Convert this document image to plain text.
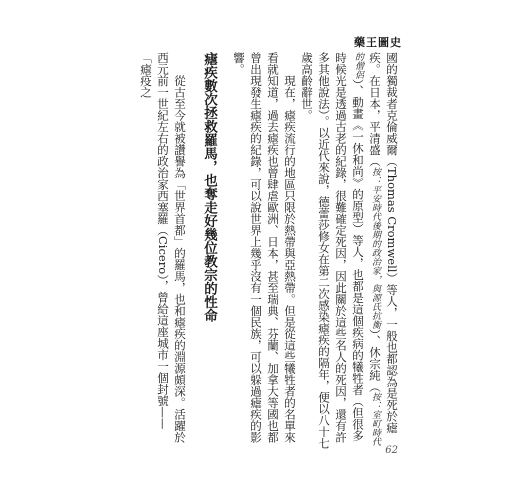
藥王圖史

國的獨裁者克倫威爾（Thomas Cromwell）等人，一般也都認為是死於瘧疾。在日本，平清盛（按：平安時代後期的政治家，與源氏抗衡）、休宗純（按：室町時代的僧侶）、動畫《一休和尚》的原型）等人，也都是這個疾病的犧牲者（但很多時候光是透過古老的紀錄，很難確定死因，因此關於這些名人的死因，還有許多其他說法）。以近代來說，德蕾莎修女在第二次感染瘧疾的隔年，便以八十七歲高齡辭世。

現在，瘧疾流行的地區只限於熱帶與亞熱帶。但是從這些犧牲者的名單來看就知道，過去瘧疾也曾肆虐歐洲、日本，甚至瑞典、芬蘭、加拿大等國也都曾出現發生瘧疾的紀錄，可以說世界上幾乎沒有一個民族，可以躲過瘧疾的影響。

瘧疾數次拯救羅馬，也奪走好幾位教宗的性命

從古至今就被讚譽為「世界首都」的羅馬，也和瘧疾的淵源頗深。活躍於西元前一世紀左右的政治家西塞羅（Cicero），曾給這座城市一個封號——「瘧疫之

62
